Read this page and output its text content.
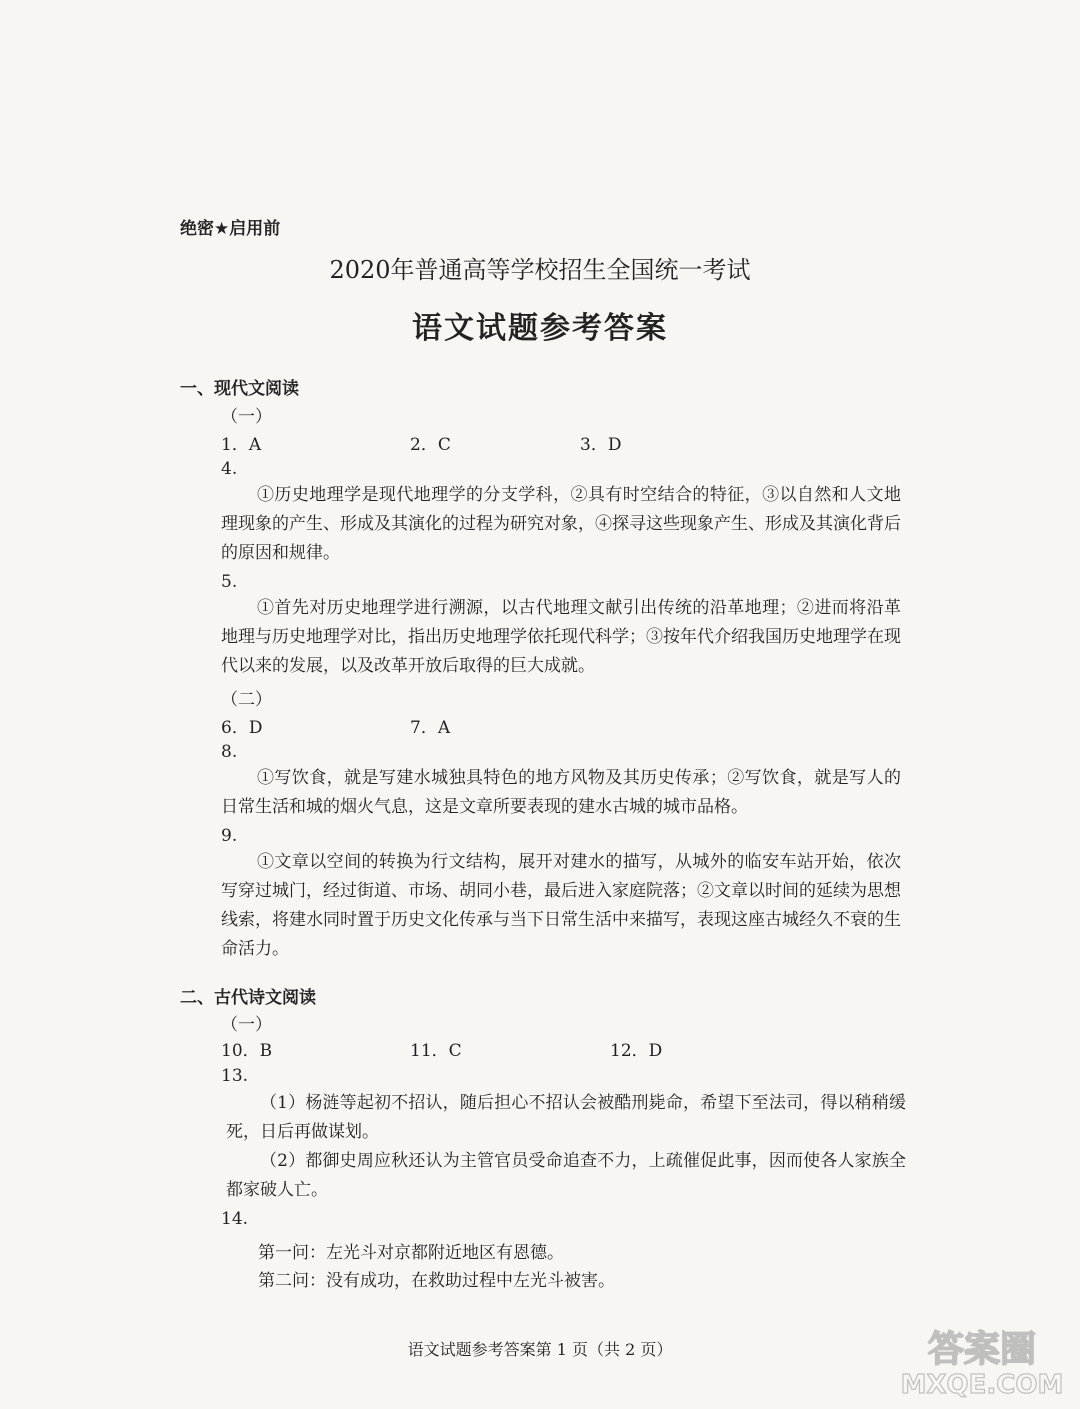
绝密★启用前
2020年普通高等学校招生全国统一考试
语文试题参考答案
一、现代文阅读
（一）
1．A	2．C	3．D
4.
①历史地理学是现代地理学的分支学科，②具有时空结合的特征，③以自然和人文地理现象的产生、形成及其演化的过程为研究对象，④探寻这些现象产生、形成及其演化背后的原因和规律。
5.
①首先对历史地理学进行溯源，以古代地理文献引出传统的沿革地理；②进而将沿革地理与历史地理学对比，指出历史地理学依托现代科学；③按年代介绍我国历史地理学在现代以来的发展，以及改革开放后取得的巨大成就。
（二）
6．D	7．A
8.
①写饮食，就是写建水城独具特色的地方风物及其历史传承；②写饮食，就是写人的日常生活和城的烟火气息，这是文章所要表现的建水古城的城市品格。
9.
①文章以空间的转换为行文结构，展开对建水的描写，从城外的临安车站开始，依次写穿过城门，经过街道、市场、胡同小巷，最后进入家庭院落；②文章以时间的延续为思想线索，将建水同时置于历史文化传承与当下日常生活中来描写，表现这座古城经久不衰的生命活力。
二、古代诗文阅读
（一）
10．B	11．C	12．D
13.
（1）杨涟等起初不招认，随后担心不招认会被酷刑毙命，希望下至法司，得以稍稍缓死，日后再做谋划。
（2）都御史周应秋还认为主管官员受命追查不力，上疏催促此事，因而使各人家族全都家破人亡。
14.
第一问：左光斗对京都附近地区有恩德。
第二问：没有成功，在救助过程中左光斗被害。
语文试题参考答案第 1 页（共 2 页）	答案圈
MXQE.COM
